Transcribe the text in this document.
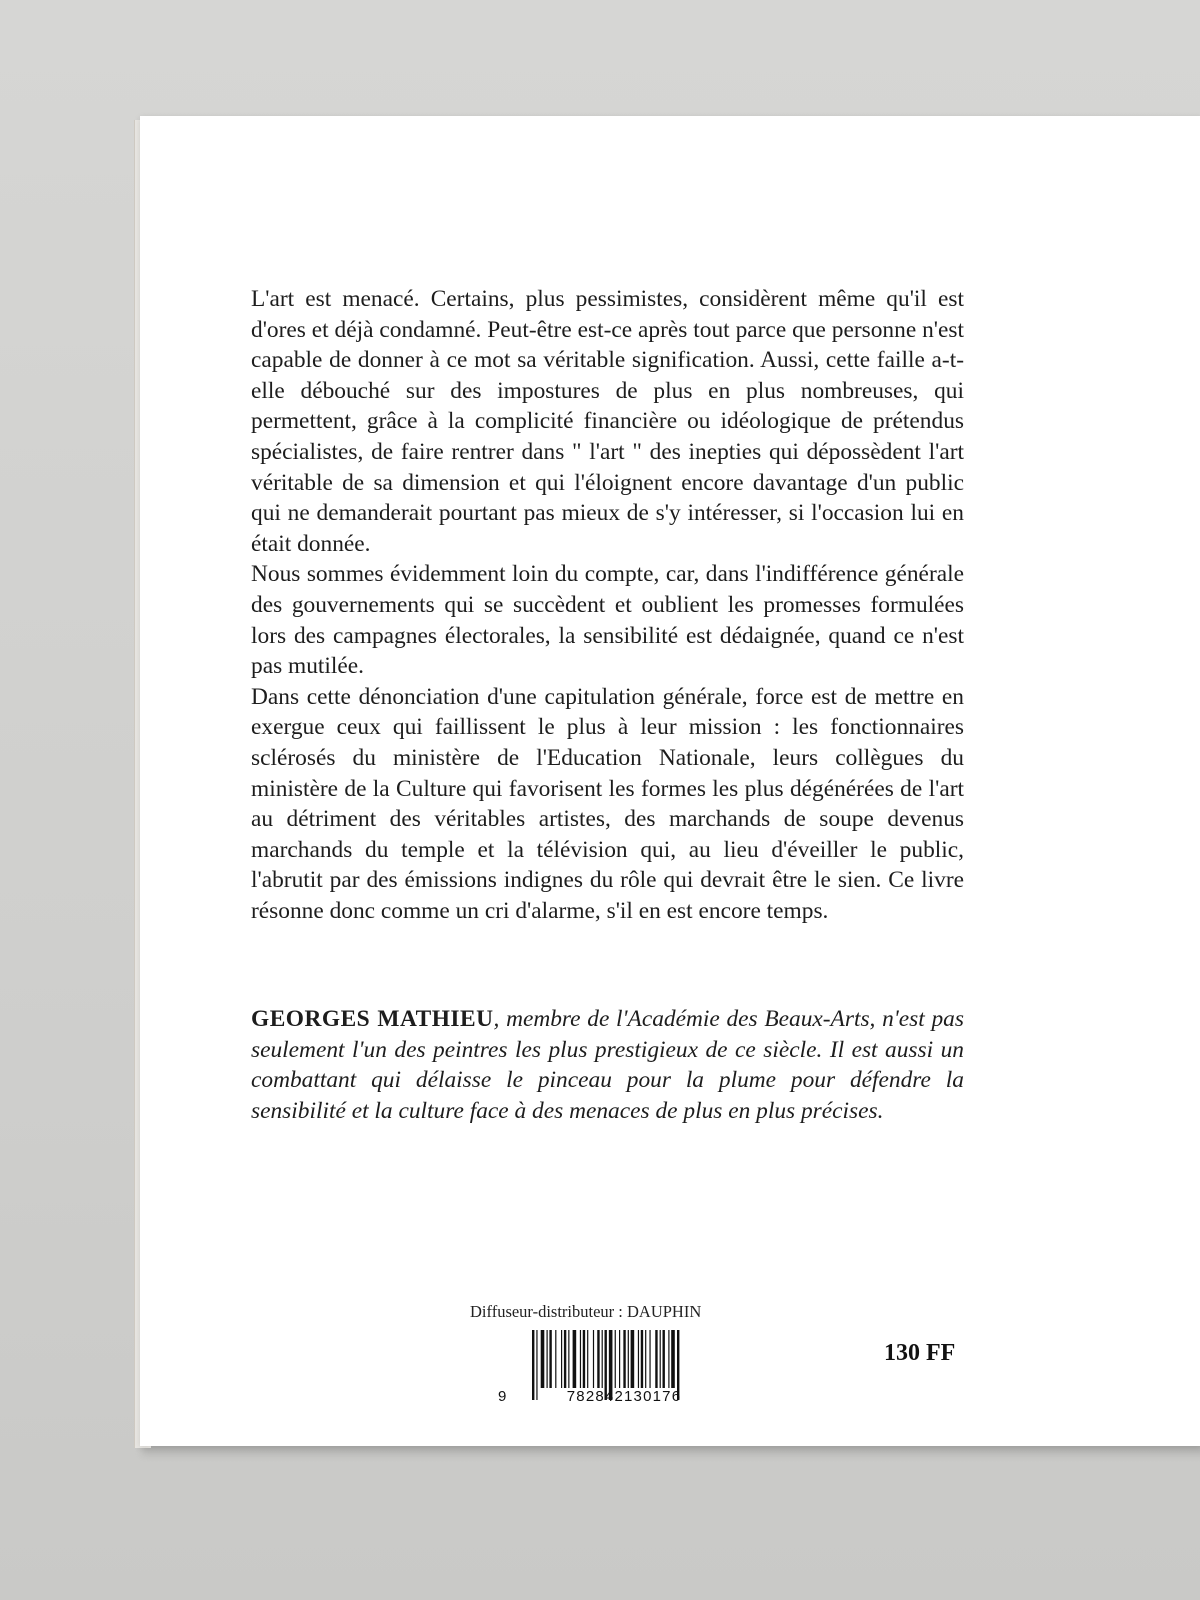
L'art est menacé. Certains, plus pessimistes, considèrent même qu'il est d'ores et déjà condamné. Peut-être est-ce après tout parce que personne n'est capable de donner à ce mot sa véritable signification. Aussi, cette faille a-t-elle débouché sur des impostures de plus en plus nombreuses, qui permettent, grâce à la complicité financière ou idéologique de prétendus spécialistes, de faire rentrer dans " l'art " des inepties qui dépossèdent l'art véritable de sa dimension et qui l'éloignent encore davantage d'un public qui ne demanderait pourtant pas mieux de s'y intéresser, si l'occasion lui en était donnée.

Nous sommes évidemment loin du compte, car, dans l'indifférence générale des gouvernements qui se succèdent et oublient les promesses formulées lors des campagnes électorales, la sensibilité est dédaignée, quand ce n'est pas mutilée.

Dans cette dénonciation d'une capitulation générale, force est de mettre en exergue ceux qui faillissent le plus à leur mission : les fonctionnaires sclérosés du ministère de l'Education Nationale, leurs collègues du ministère de la Culture qui favorisent les formes les plus dégénérées de l'art au détriment des véritables artistes, des marchands de soupe devenus marchands du temple et la télévision qui, au lieu d'éveiller le public, l'abrutit par des émissions indignes du rôle qui devrait être le sien. Ce livre résonne donc comme un cri d'alarme, s'il en est encore temps.

GEORGES MATHIEU, membre de l'Académie des Beaux-Arts, n'est pas seulement l'un des peintres les plus prestigieux de ce siècle. Il est aussi un combattant qui délaisse le pinceau pour la plume pour défendre la sensibilité et la culture face à des menaces de plus en plus précises.

Diffuseur-distributeur : DAUPHIN
9	782842130176
130 FF
